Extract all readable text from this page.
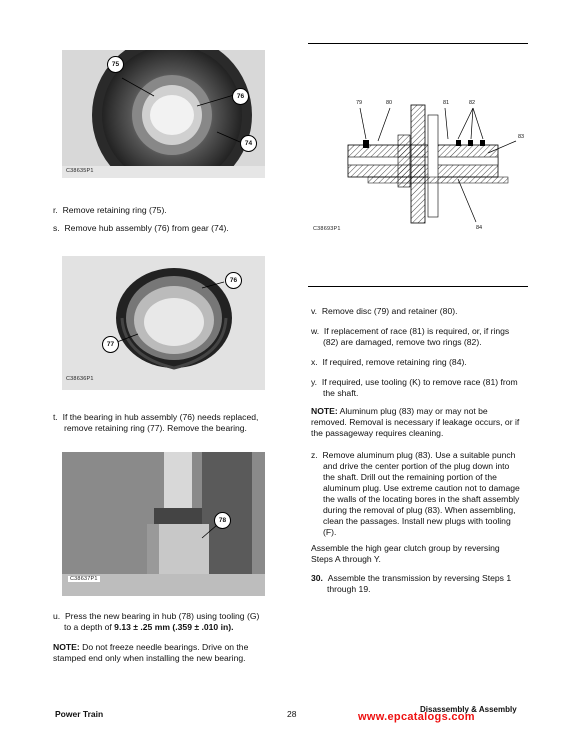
75
76
74
C38635P1
r. Remove retaining ring (75).
s. Remove hub assembly (76) from gear (74).
76
77
C38636P1
t. If the bearing in hub assembly (76) needs replaced,
remove retaining ring (77). Remove the bearing.
78
C38637P1
u. Press the new bearing in hub (78) using tooling (G)
to a depth of 9.13 ± .25 mm (.359 ± .010 in).
NOTE: Do not freeze needle bearings. Drive on the
stamped end only when installing the new bearing.
79	80	81	82
83
84
C38693P1
v. Remove disc (79) and retainer (80).
w. If replacement of race (81) is required, or, if rings
(82) are damaged, remove two rings (82).
x. If required, remove retaining ring (84).
y. If required, use tooling (K) to remove race (81) from
the shaft.
NOTE: Aluminum plug (83) may or may not be
removed. Removal is necessary if leakage occurs, or if
the passageway requires cleaning.
z. Remove aluminum plug (83). Use a suitable punch
and drive the center portion of the plug down into
the shaft. Drill out the remaining portion of the
aluminum plug. Use extreme caution not to damage
the walls of the locating bores in the shaft assembly
during the removal of plug (83). When assembling,
clean the passages. Install new plugs with tooling
(F).
Assemble the high gear clutch group by reversing
Steps A through Y.
30. Assemble the transmission by reversing Steps 1
through 19.
Power Train	28	Disassembly & Assembly
www.epcatalogs.com
